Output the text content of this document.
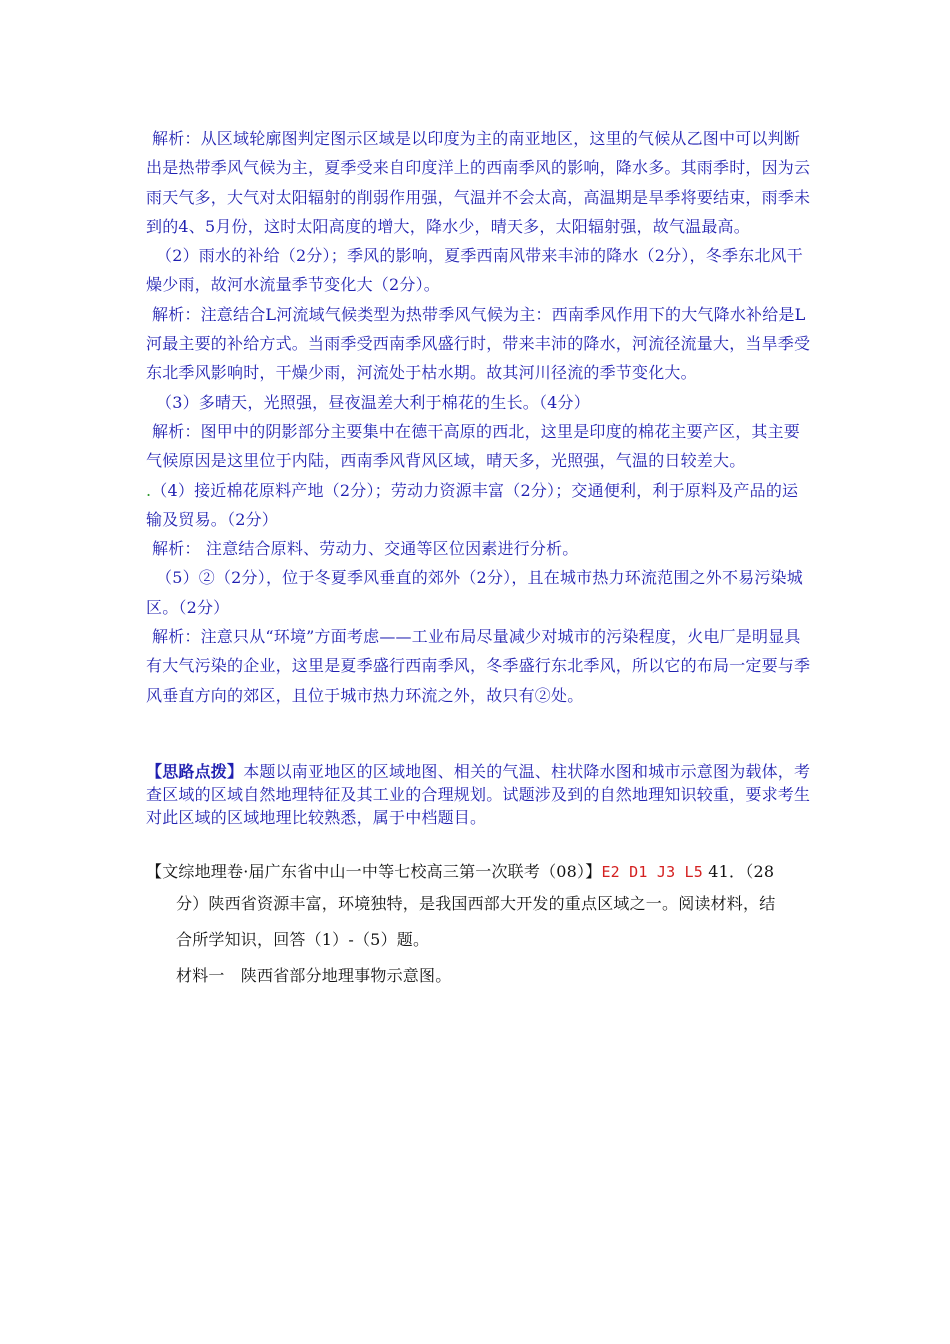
解析：从区域轮廓图判定图示区域是以印度为主的南亚地区，这里的气候从乙图中可以判断出是热带季风气候为主，夏季受来自印度洋上的西南季风的影响，降水多。其雨季时，因为云雨天气多，大气对太阳辐射的削弱作用强，气温并不会太高，高温期是旱季将要结束，雨季未到的4、5月份，这时太阳高度的增大，降水少，晴天多，太阳辐射强，故气温最高。

（2）雨水的补给（2分）；季风的影响，夏季西南风带来丰沛的降水（2分），冬季东北风干燥少雨，故河水流量季节变化大（2分）。

解析：注意结合L河流域气候类型为热带季风气候为主：西南季风作用下的大气降水补给是L河最主要的补给方式。当雨季受西南季风盛行时，带来丰沛的降水，河流径流量大，当旱季受东北季风影响时，干燥少雨，河流处于枯水期。故其河川径流的季节变化大。

（3）多晴天，光照强，昼夜温差大利于棉花的生长。（4分）

解析：图甲中的阴影部分主要集中在德干高原的西北，这里是印度的棉花主要产区，其主要气候原因是这里位于内陆，西南季风背风区域，晴天多，光照强，气温的日较差大。

.（4）接近棉花原料产地（2分）；劳动力资源丰富（2分）；交通便利，利于原料及产品的运输及贸易。（2分）

解析： 注意结合原料、劳动力、交通等区位因素进行分析。

（5）②（2分），位于冬夏季风垂直的郊外（2分），且在城市热力环流范围之外不易污染城区。（2分）

解析：注意只从“环境”方面考虑——工业布局尽量减少对城市的污染程度，火电厂是明显具有大气污染的企业，这里是夏季盛行西南季风，冬季盛行东北季风，所以它的布局一定要与季风垂直方向的郊区，且位于城市热力环流之外，故只有②处。

【思路点拨】本题以南亚地区的区域地图、相关的气温、柱状降水图和城市示意图为载体，考查区域的区域自然地理特征及其工业的合理规划。试题涉及到的自然地理知识较重，要求考生对此区域的区域地理比较熟悉，属于中档题目。

【文综地理卷·届广东省中山一中等七校高三第一次联考（08）】E2 D1 J3 L5 41．（28

分）陕西省资源丰富，环境独特，是我国西部大开发的重点区域之一。阅读材料，结

合所学知识，回答（1）-（5）题。

材料一　陕西省部分地理事物示意图。
